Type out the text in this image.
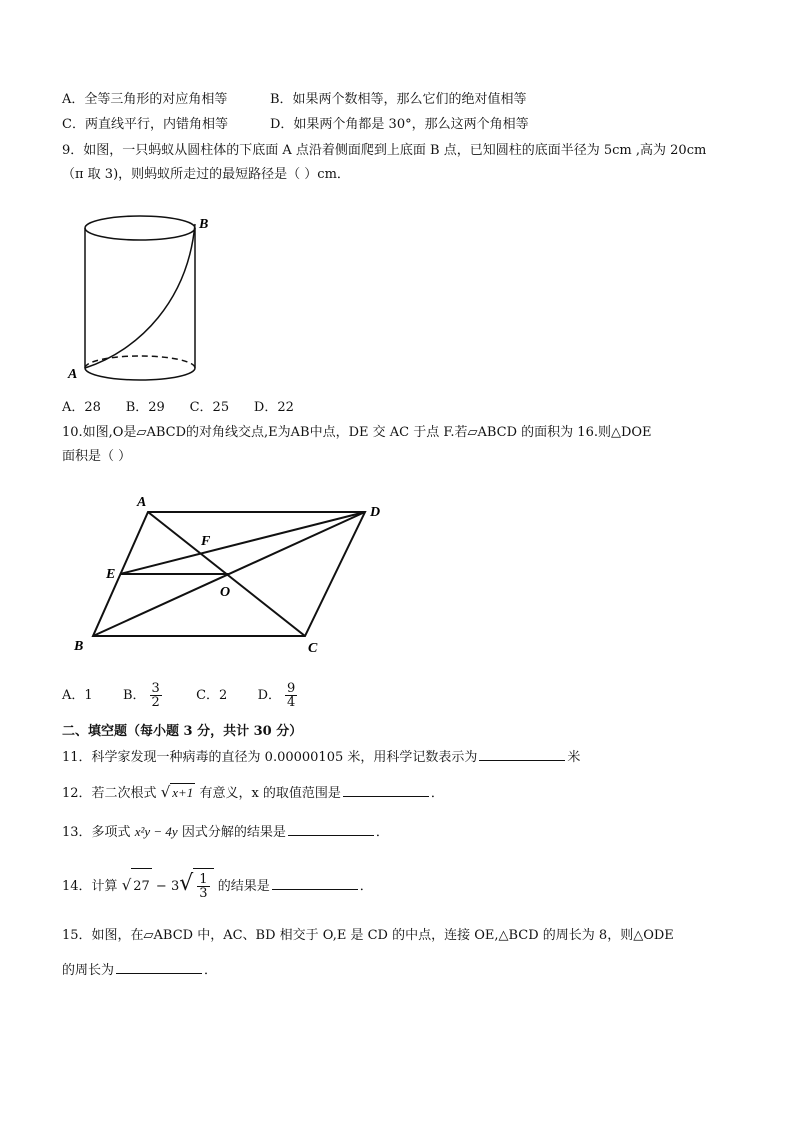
A．全等三角形的对应角相等	B．如果两个数相等，那么它们的绝对值相等
C．两直线平行，内错角相等	D．如果两个角都是 30°，那么这两个角相等
9．如图，一只蚂蚁从圆柱体的下底面 A 点沿着侧面爬到上底面 B 点，已知圆柱的底面半径为 5cm ,高为 20cm
（π 取 3)，则蚂蚁所走过的最短路径是（ ）cm．
B
A
A．28      B．29      C．25      D．22
10.如图,O是▱ABCD的对角线交点,E为AB中点，DE 交 AC 于点 F.若▱ABCD 的面积为 16.则△DOE
面积是（ ）
A
D
F
E
O
B	C
A．1 B． $\frac{3}{2}$	C．2 D． $\frac{9}{4}$
二、填空题（每小题 3 分，共计 30 分）
11．科学家发现一种病毒的直径为 0.00000105 米，用科学记数表示为	米
12．若二次根式 √ x+1 有意义，x 的取值范围是	．
13．多项式 x²y − 4y 因式分解的结果是	．
14．计算 √ $27 - 3√ \frac{1}{3}$ 的结果是	．
15．如图，在▱ABCD 中，AC、BD 相交于 O,E 是 CD 的中点，连接 OE,△BCD 的周长为 8，则△ODE
的周长为	．
